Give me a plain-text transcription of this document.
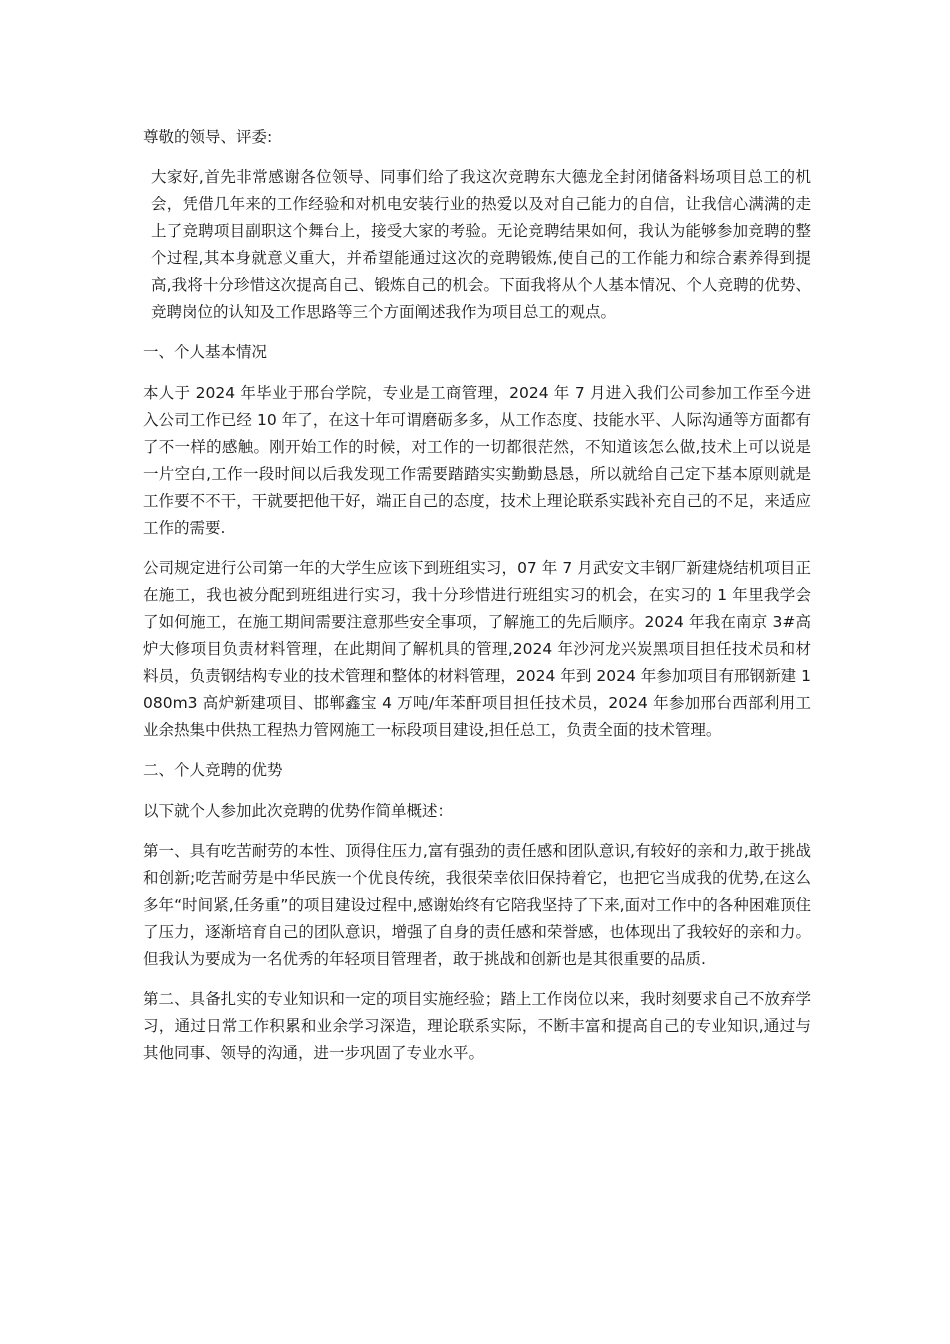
尊敬的领导、评委:

大家好,首先非常感谢各位领导、同事们给了我这次竞聘东大德龙全封闭储备料场项目总工的机会，凭借几年来的工作经验和对机电安装行业的热爱以及对自己能力的自信，让我信心满满的走上了竞聘项目副职这个舞台上，接受大家的考验。无论竞聘结果如何，我认为能够参加竞聘的整个过程,其本身就意义重大，并希望能通过这次的竞聘锻炼,使自己的工作能力和综合素养得到提高,我将十分珍惜这次提高自己、锻炼自己的机会。下面我将从个人基本情况、个人竞聘的优势、竞聘岗位的认知及工作思路等三个方面阐述我作为项目总工的观点。

一、个人基本情况

本人于 2024 年毕业于邢台学院，专业是工商管理，2024 年 7 月进入我们公司参加工作至今进入公司工作已经 10 年了，在这十年可谓磨砺多多，从工作态度、技能水平、人际沟通等方面都有了不一样的感触。刚开始工作的时候，对工作的一切都很茫然，不知道该怎么做,技术上可以说是一片空白,工作一段时间以后我发现工作需要踏踏实实勤勤恳恳，所以就给自己定下基本原则就是工作要不不干，干就要把他干好，端正自己的态度，技术上理论联系实践补充自己的不足，来适应工作的需要.

公司规定进行公司第一年的大学生应该下到班组实习，07 年 7 月武安文丰钢厂新建烧结机项目正在施工，我也被分配到班组进行实习，我十分珍惜进行班组实习的机会，在实习的 1 年里我学会了如何施工，在施工期间需要注意那些安全事项，了解施工的先后顺序。2024 年我在南京 3#高炉大修项目负责材料管理，在此期间了解机具的管理,2024 年沙河龙兴炭黑项目担任技术员和材料员，负责钢结构专业的技术管理和整体的材料管理，2024 年到 2024 年参加项目有邢钢新建 1080m3 高炉新建项目、邯郸鑫宝 4 万吨/年苯酐项目担任技术员，2024 年参加邢台西部利用工业余热集中供热工程热力管网施工一标段项目建设,担任总工，负责全面的技术管理。

二、个人竞聘的优势

以下就个人参加此次竞聘的优势作简单概述：

第一、具有吃苦耐劳的本性、顶得住压力,富有强劲的责任感和团队意识,有较好的亲和力,敢于挑战和创新;吃苦耐劳是中华民族一个优良传统，我很荣幸依旧保持着它，也把它当成我的优势,在这么多年“时间紧,任务重”的项目建设过程中,感谢始终有它陪我坚持了下来,面对工作中的各种困难顶住了压力，逐渐培育自己的团队意识，增强了自身的责任感和荣誉感，也体现出了我较好的亲和力。但我认为要成为一名优秀的年轻项目管理者，敢于挑战和创新也是其很重要的品质.

第二、具备扎实的专业知识和一定的项目实施经验；踏上工作岗位以来，我时刻要求自己不放弃学习，通过日常工作积累和业余学习深造，理论联系实际，不断丰富和提高自己的专业知识,通过与其他同事、领导的沟通，进一步巩固了专业水平。
